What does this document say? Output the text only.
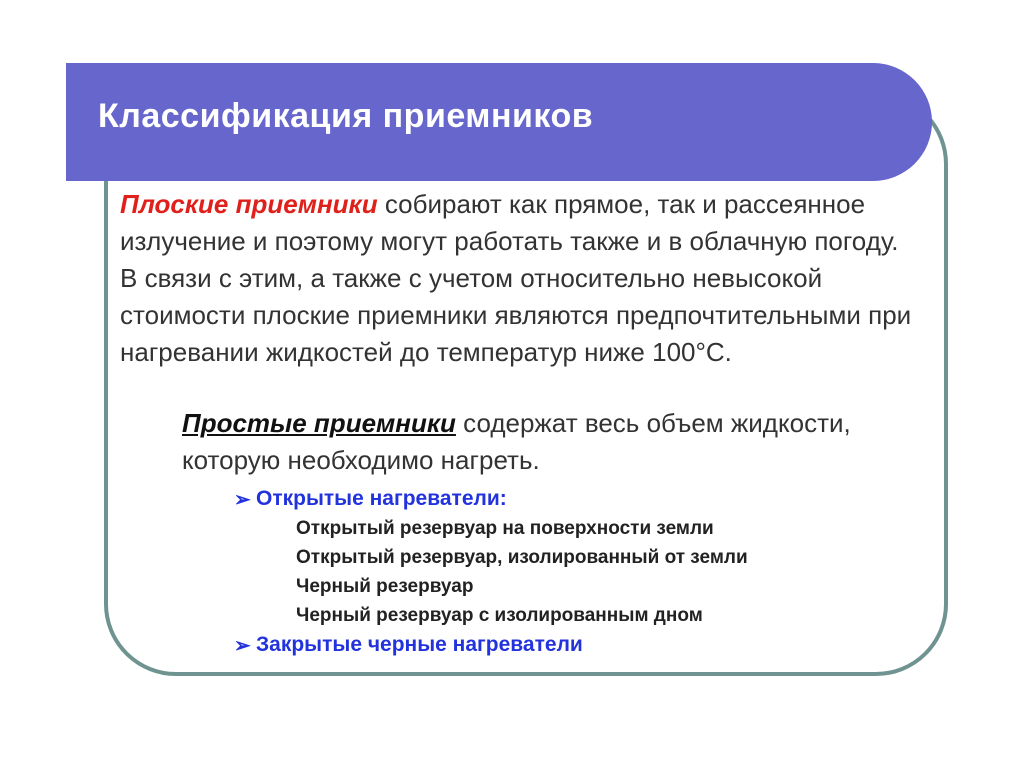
Классификация приемников

Плоские приемники собирают как прямое, так и рассеянное излучение и поэтому могут работать также и в облачную погоду. В связи с этим, а также с учетом относительно невысокой стоимости плоские приемники являются предпочтительными при нагревании жидкостей до температур ниже 100°С.

Простые приемники содержат весь объем жидкости, которую необходимо нагреть.

➢ Открытые нагреватели:
Открытый резервуар на поверхности земли
Открытый резервуар, изолированный от земли
Черный резервуар
Черный резервуар с изолированным дном
➢ Закрытые черные нагреватели
